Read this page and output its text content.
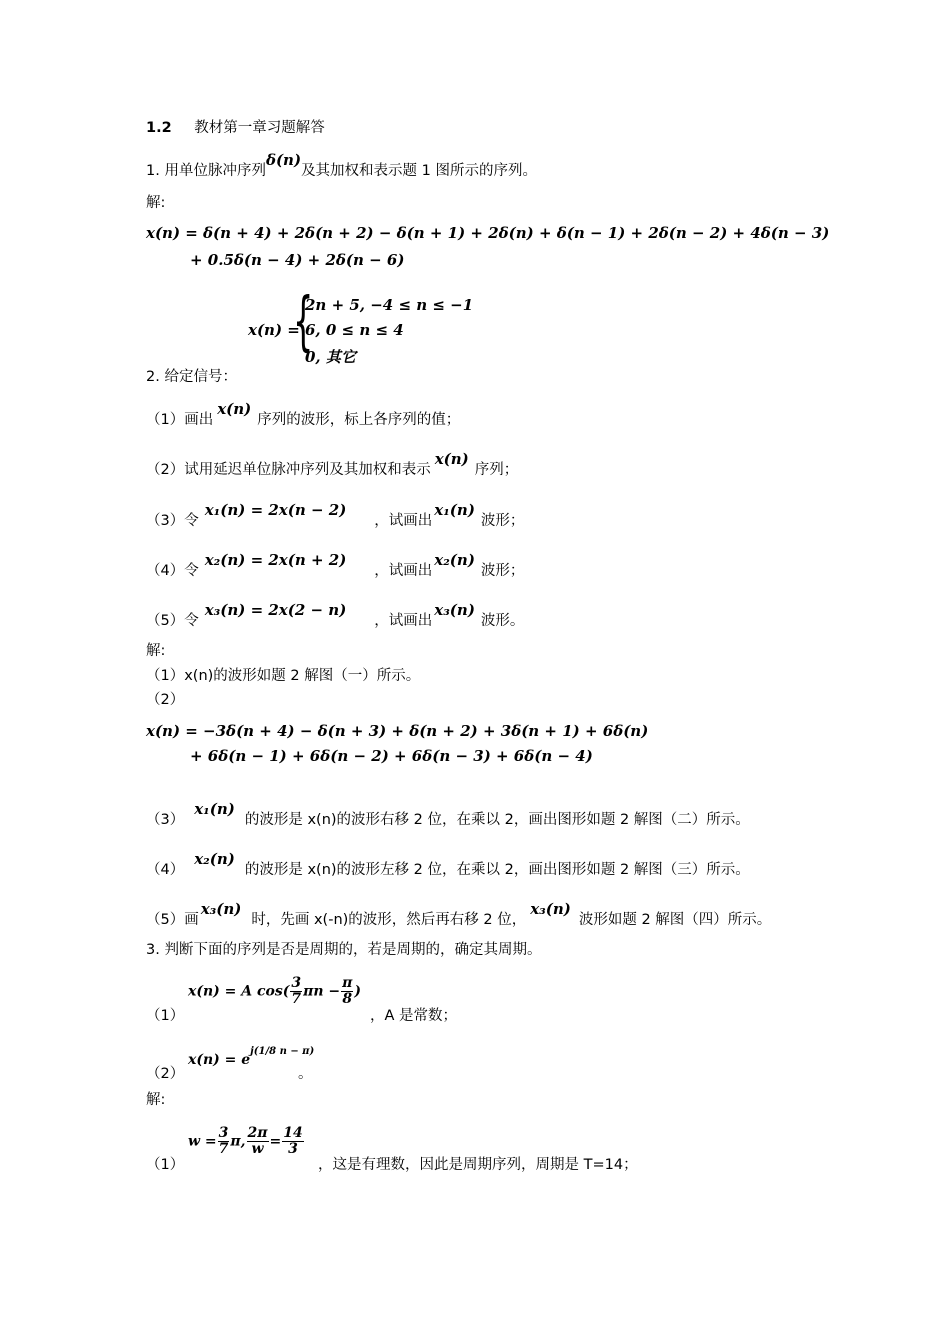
1.2 教材第一章习题解答
1. 用单位脉冲序列δ(n)及其加权和表示题 1 图所示的序列。
解:
x(n) = δ(n + 4) + 2δ(n + 2) − δ(n + 1) + 2δ(n) + δ(n − 1) + 2δ(n − 2) + 4δ(n − 3)
+ 0.5δ(n − 4) + 2δ(n − 6)
x(n) =
{
2n + 5, −4 ≤ n ≤ −1
6, 0 ≤ n ≤ 4
0, 其它
2. 给定信号：
（1）画出x(n)序列的波形，标上各序列的值；
（2）试用延迟单位脉冲序列及其加权和表示x(n)序列；
（3）令x₁(n) = 2x(n − 2)，试画出x₁(n)波形；
（4）令x₂(n) = 2x(n + 2)，试画出x₂(n)波形；
（5）令x₃(n) = 2x(2 − n)，试画出x₃(n)波形。
解:
（1）x(n)的波形如题 2 解图（一）所示。
（2）
x(n) = −3δ(n + 4) − δ(n + 3) + δ(n + 2) + 3δ(n + 1) + 6δ(n)
+ 6δ(n − 1) + 6δ(n − 2) + 6δ(n − 3) + 6δ(n − 4)
（3）x₁(n)的波形是 x(n)的波形右移 2 位，在乘以 2，画出图形如题 2 解图（二）所示。
（4）x₂(n)的波形是 x(n)的波形左移 2 位，在乘以 2，画出图形如题 2 解图（三）所示。
（5）画x₃(n)时，先画 x(-n)的波形，然后再右移 2 位，x₃(n)波形如题 2 解图（四）所示。
3. 判断下面的序列是否是周期的，若是周期的，确定其周期。
（1）
x(n) = A $\cos( \frac{3}{7}$ $\pi n - \frac{\pi}{8}$ )
，A 是常数；
（2）
$x(n) = e^{j(1/8 n - \pi)}$
。
解:
（1）
$w = \frac{3}{7} \pi$, $\frac{2\pi}{w} = \frac{14}{3}$
，这是有理数，因此是周期序列，周期是 T=14；
